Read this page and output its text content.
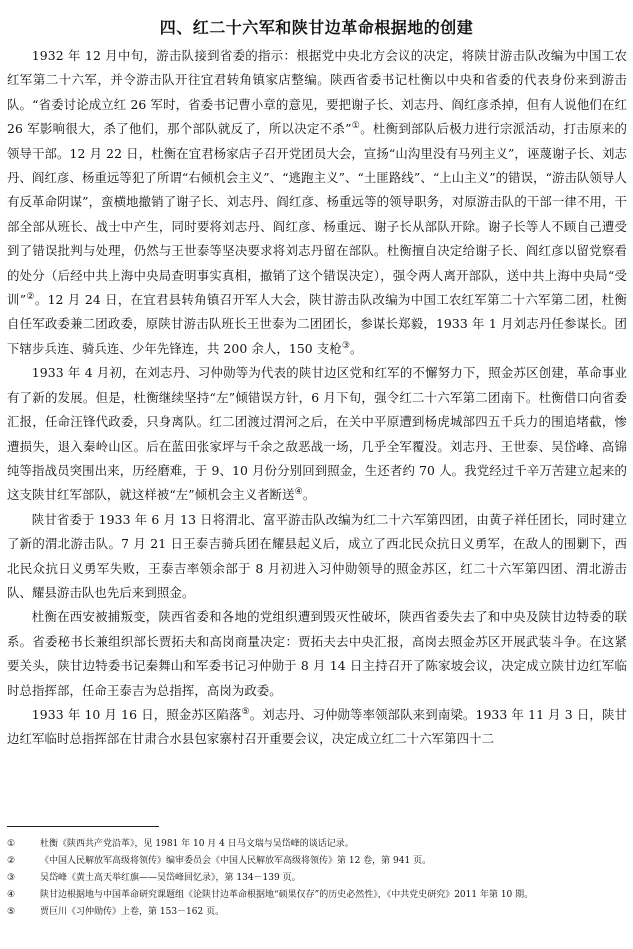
四、红二十六军和陕甘边革命根据地的创建

1932 年 12 月中旬，游击队接到省委的指示：根据党中央北方会议的决定，将陕甘游击队改编为中国工农红军第二十六军，并令游击队开往宜君转角镇家店整编。陕西省委书记杜衡以中央和省委的代表身份来到游击队。“省委讨论成立红 26 军时，省委书记曹小章的意见，要把谢子长、刘志丹、阎红彦杀掉，但有人说他们在红 26 军影响很大，杀了他们，那个部队就反了，所以决定不杀”①。杜衡到部队后极力进行宗派活动，打击原来的领导干部。12 月 22 日，杜衡在宜君杨家店子召开党团员大会，宣扬“山沟里没有马列主义”，诬蔑谢子长、刘志丹、阎红彦、杨重远等犯了所谓“右倾机会主义”、“逃跑主义”、“土匪路线”、“上山主义”的错误，“游击队领导人有反革命阴谋”，蛮横地撤销了谢子长、刘志丹、阎红彦、杨重远等的领导职务，对原游击队的干部一律不用，干部全部从班长、战士中产生，同时要将刘志丹、阎红彦、杨重远、谢子长从部队开除。谢子长等人不顾自己遭受到了错误批判与处理，仍然与王世泰等坚决要求将刘志丹留在部队。杜衡擅自决定给谢子长、阎红彦以留党察看的处分（后经中共上海中央局查明事实真相，撤销了这个错误决定），强令两人离开部队，送中共上海中央局“受训”②。12 月 24 日，在宜君县转角镇召开军人大会，陕甘游击队改编为中国工农红军第二十六军第二团，杜衡自任军政委兼二团政委，原陕甘游击队班长王世泰为二团团长，参谋长郑毅，1933 年 1 月刘志丹任参谋长。团下辖步兵连、骑兵连、少年先锋连，共 200 余人，150 支枪③。

1933 年 4 月初，在刘志丹、习仲勋等为代表的陕甘边区党和红军的不懈努力下，照金苏区创建，革命事业有了新的发展。但是，杜衡继续坚持“左”倾错误方针，6 月下旬，强令红二十六军第二团南下。杜衡借口向省委汇报，任命汪锋代政委，只身离队。红二团渡过渭河之后，在关中平原遭到杨虎城部四五千兵力的围追堵截，惨遭损失，退入秦岭山区。后在蓝田张家坪与千余之敌恶战一场，几乎全军覆没。刘志丹、王世泰、吴岱峰、高锦纯等指战员突围出来，历经磨难，于 9、10 月份分别回到照金，生还者约 70 人。我党经过千辛万苦建立起来的这支陕甘红军部队，就这样被“左”倾机会主义者断送④。

陕甘省委于 1933 年 6 月 13 日将渭北、富平游击队改编为红二十六军第四团，由黄子祥任团长，同时建立了新的渭北游击队。7 月 21 日王泰吉骑兵团在耀县起义后，成立了西北民众抗日义勇军，在敌人的围剿下，西北民众抗日义勇军失败，王泰吉率领余部于 8 月初进入习仲勋领导的照金苏区，红二十六军第四团、渭北游击队、耀县游击队也先后来到照金。

杜衡在西安被捕叛变，陕西省委和各地的党组织遭到毁灭性破坏，陕西省委失去了和中央及陕甘边特委的联系。省委秘书长兼组织部长贾拓夫和高岗商量决定：贾拓夫去中央汇报，高岗去照金苏区开展武装斗争。在这紧要关头，陕甘边特委书记秦舞山和军委书记习仲勋于 8 月 14 日主持召开了陈家坡会议，决定成立陕甘边红军临时总指挥部，任命王泰吉为总指挥，高岗为政委。

1933 年 10 月 16 日，照金苏区陷落⑤。刘志丹、习仲勋等率领部队来到南梁。1933 年 11 月 3 日，陕甘边红军临时总指挥部在甘肃合水县包家寨村召开重要会议，决定成立红二十六军第四十二

①	杜衡《陕西共产党沿革》，见 1981 年 10 月 4 日马文瑞与吴岱峰的谈话记录。
②	《中国人民解放军高级将领传》编审委员会《中国人民解放军高级将领传》第 12 卷，第 941 页。
③	吴岱峰《黄土高天举红旗——吴岱峰回忆录》，第 134－139 页。
④	陕甘边根据地与中国革命研究课题组《论陕甘边革命根据地“硕果仅存”的历史必然性》，《中共党史研究》2011 年第 10 期。
⑤	贾巨川《习仲勋传》上卷，第 153－162 页。
